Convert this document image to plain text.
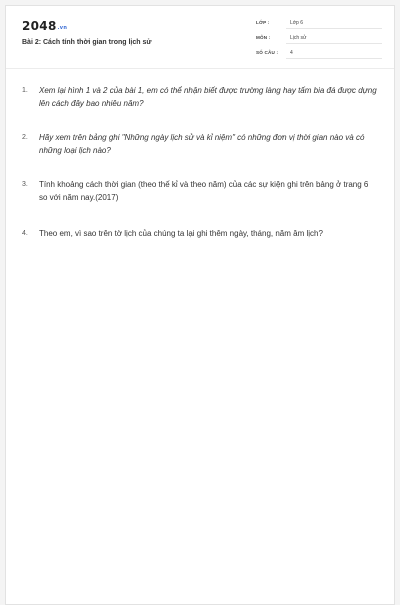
2048.vn
Bài 2: Cách tính thời gian trong lịch sử
LỚP :	Lớp 6
MÔN :	Lịch sử
SỐ CÂU :	4
1. Xem lại hình 1 và 2 của bài 1, em có thể nhận biết được trường làng hay tấm bia đá được dựng lên cách đây bao nhiêu năm?
2. Hãy xem trên bảng ghi "Những ngày lịch sử và kỉ niệm" có những đơn vị thời gian nào và có những loại lịch nào?
3. Tính khoảng cách thời gian (theo thế kỉ và theo năm) của các sự kiện ghi trên bảng ở trang 6 so với năm nay.(2017)
4. Theo em, vì sao trên tờ lịch của chúng ta lại ghi thêm ngày, tháng, năm âm lịch?
